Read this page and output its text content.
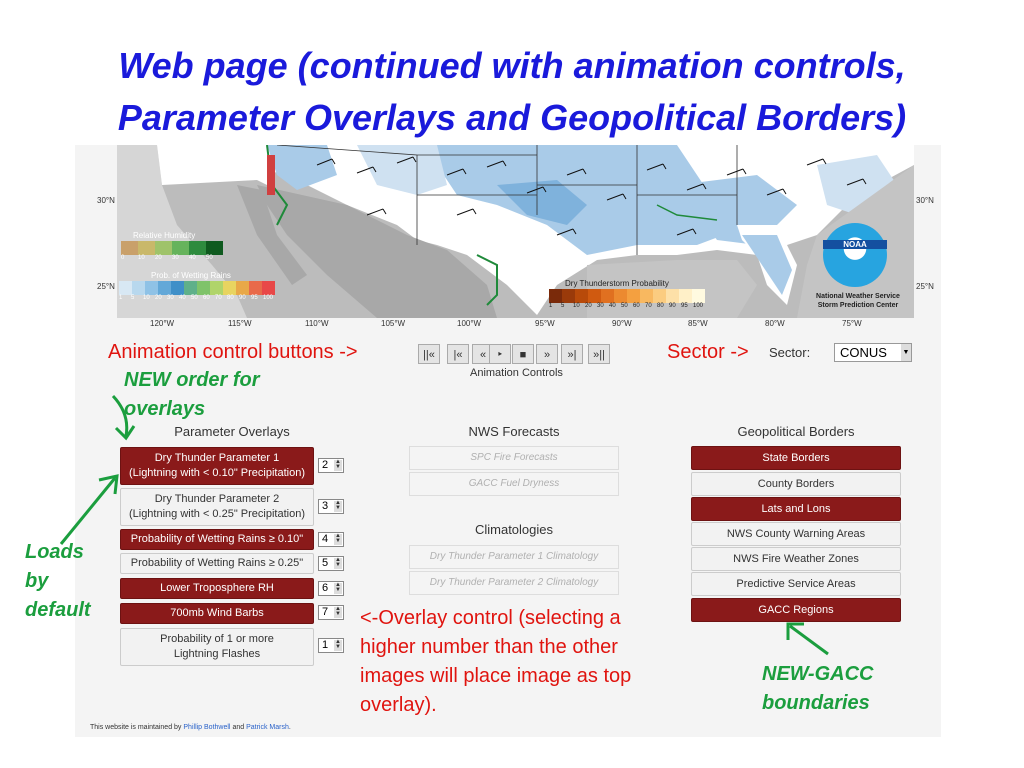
Web page (continued with animation controls,
Parameter Overlays and Geopolitical Borders)
Relative Humidity
0	10	20	30	40	50
Prob. of Wetting Rains
1	5	10 20 30 40 50 60 70 80 90 95 100
Dry Thunderstorm Probability
1	5	10 20 30 40 50 60 70 80 90 95 100
NOAA
National Weather Service
Storm Prediction Center
30°N
25°N
30°N
25°N
120°W	115°W	110°W	105°W	100°W	95°W	90°W	85°W	80°W	75°W
Animation control buttons ->	||«	|«	« ‣	■	»	»|	»||
Animation Controls
Sector -> Sector: CONUS ▼
NEW order for
overlays
Parameter Overlays	NWS Forecasts	Geopolitical Borders
Climatologies
Dry Thunder Parameter 1
(Lightning with < 0.10" Precipitation)
2 ▲
▼
Dry Thunder Parameter 2
(Lightning with < 0.25" Precipitation)
3 ▲
▼
Probability of Wetting Rains ≥ 0.10" 4 ▲
▼
Probability of Wetting Rains ≥ 0.25" 5 ▲
▼
Lower Troposphere RH	6 ▲
▼
700mb Wind Barbs	7 ▲
▼
Probability of 1 or more
Lightning Flashes
1 ▲
▼
Loads
by
default
SPC Fire Forecasts
GACC Fuel Dryness
Dry Thunder Parameter 1 Climatology
Dry Thunder Parameter 2 Climatology
State Borders
County Borders
Lats and Lons
NWS County Warning Areas
NWS Fire Weather Zones
Predictive Service Areas
GACC Regions
<-Overlay control (selecting a
higher number than the other
images will place image as top
overlay).
NEW-GACC
boundaries
This website is maintained by Phillip Bothwell and Patrick Marsh.
